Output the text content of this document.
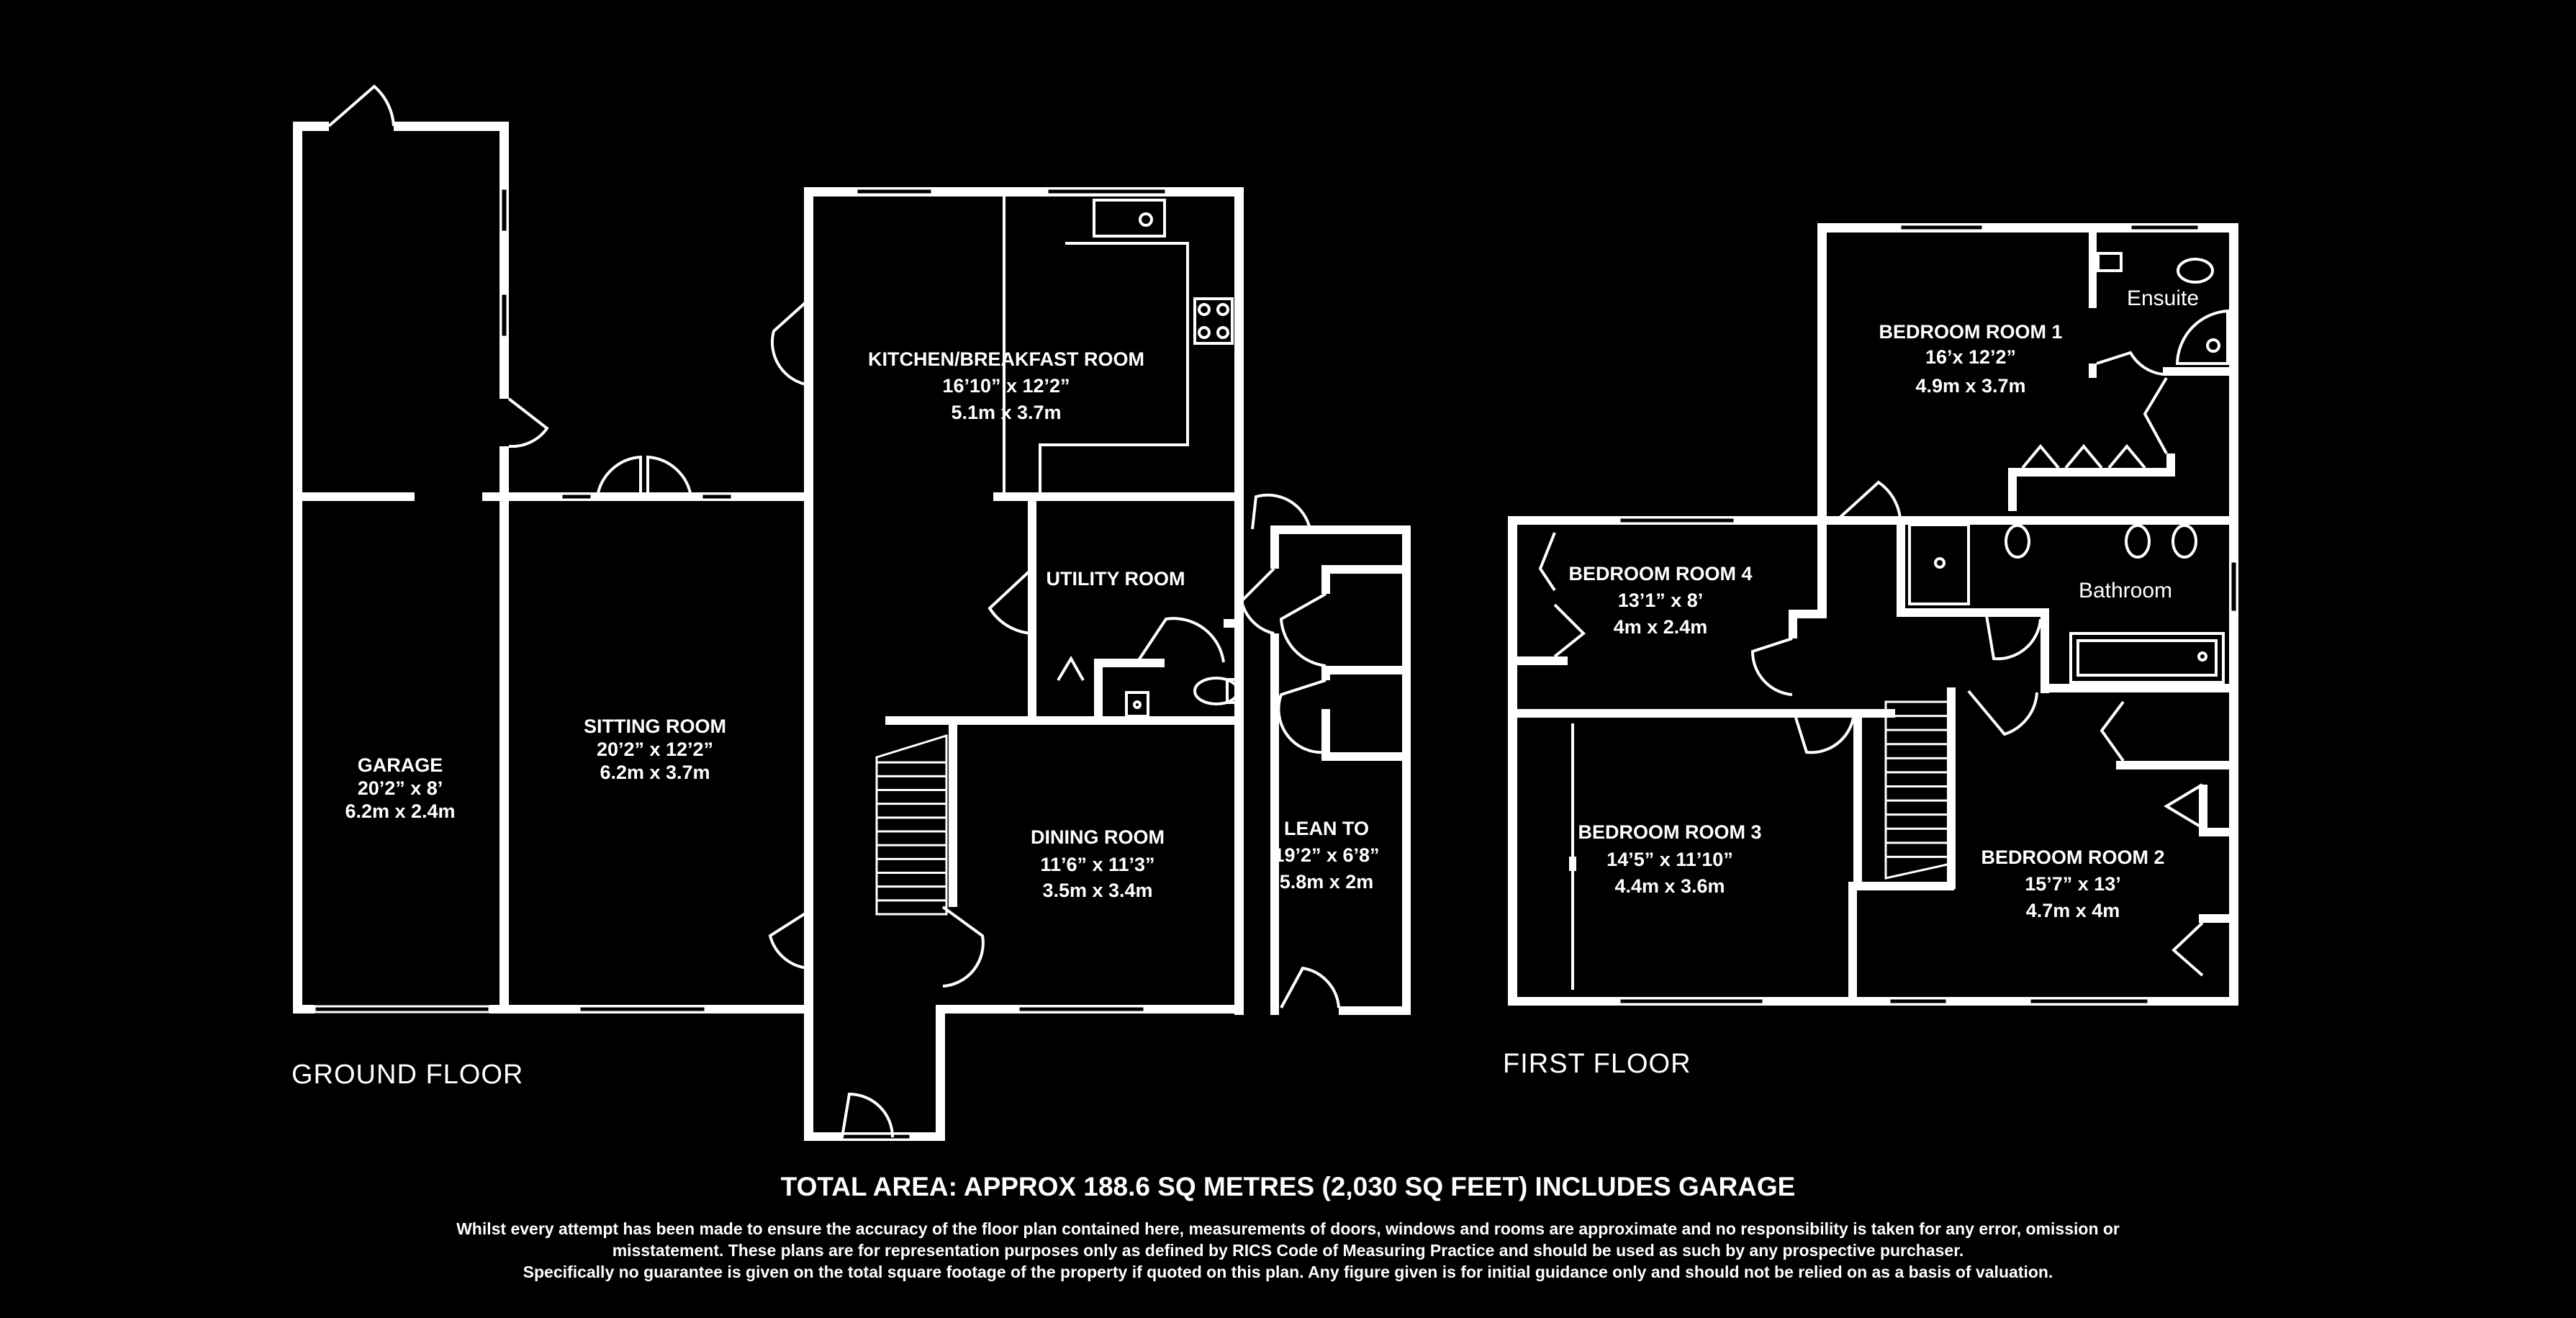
GARAGE
20’2” x 8’
6.2m x 2.4m
SITTING ROOM
20’2” x 12’2”
6.2m x 3.7m
KITCHEN/BREAKFAST ROOM
16’10” x 12’2”
5.1m x 3.7m
UTILITY ROOM
DINING ROOM
11’6” x 11’3”
3.5m x 3.4m
LEAN TO
19’2” x 6’8”
5.8m x 2m
BEDROOM ROOM 1
16’x 12’2”
4.9m x 3.7m
Ensuite
BEDROOM ROOM 4
13’1” x 8’
4m x 2.4m
Bathroom
BEDROOM ROOM 3
14’5” x 11’10”
4.4m x 3.6m
BEDROOM ROOM 2
15’7” x 13’
4.7m x 4m
GROUND FLOOR	FIRST FLOOR
TOTAL AREA: APPROX 188.6 SQ METRES (2,030 SQ FEET) INCLUDES GARAGE
Whilst every attempt has been made to ensure the accuracy of the floor plan contained here, measurements of doors, windows and rooms are approximate and no responsibility is taken for any error, omission or
misstatement. These plans are for representation purposes only as defined by RICS Code of Measuring Practice and should be used as such by any prospective purchaser.
Specifically no guarantee is given on the total square footage of the property if quoted on this plan. Any figure given is for initial guidance only and should not be relied on as a basis of valuation.
